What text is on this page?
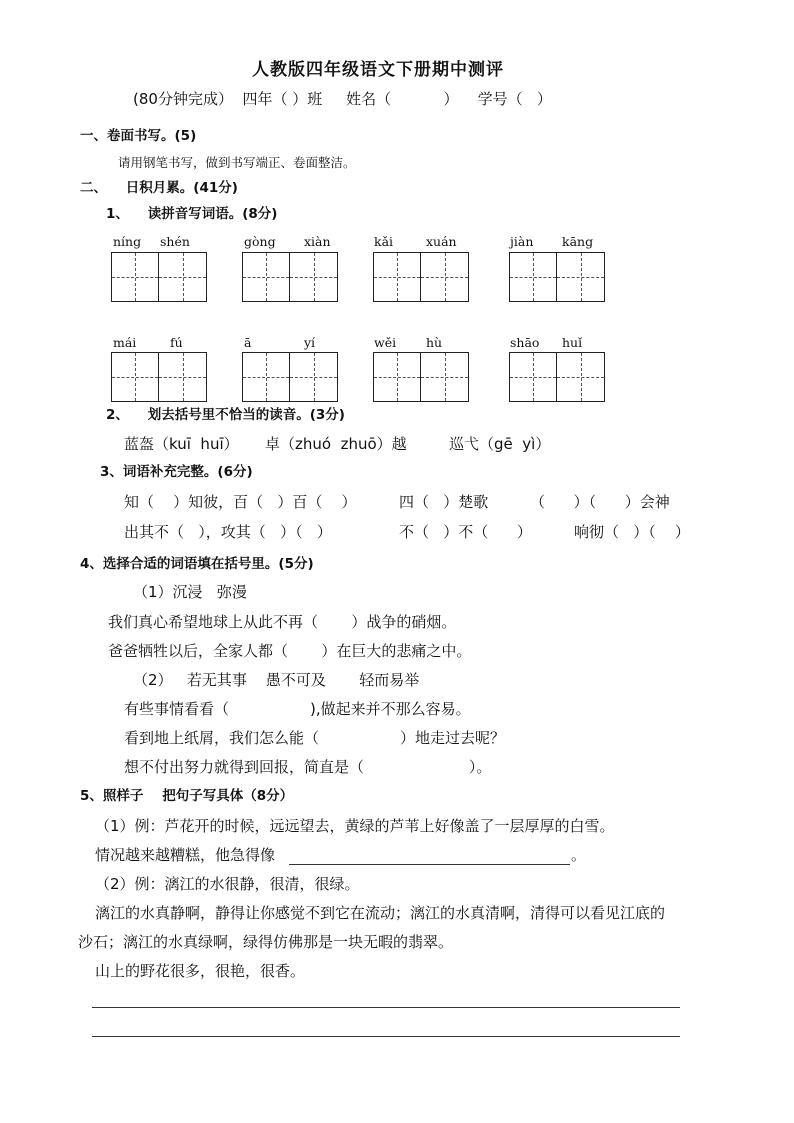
人教版四年级语文下册期中测评
(80分钟完成）  四年（ ）班     姓名（           ）    学号（   ）
一、卷面书写。(5)
请用钢笔书写，做到书写端正、卷面整洁。
二、    日积月累。(41分)
1、    读拼音写词语。(8分)
níng shén	gòng xiàn	kǎi	xuán	jiàn kāng
mái	fú	ā	yí	wěi hù	shāo huǐ
2、    划去括号里不恰当的读音。(3分)
蓝盔（kuī  huī） 卓（zhuó  zhuō）越	巡弋（gē  yì）
3、词语补充完整。(6分)
知（    ）知彼，百（   ）百（    ）	四（   ）楚歌	（      ）（      ）会神
出其不（   ），攻其（   ）（   ）	不（   ）不（      ）	响彻（   ）（    ）
4、选择合适的词语填在括号里。(5分)
（1）沉浸   弥漫
我们真心希望地球上从此不再（       ）战争的硝烟。
爸爸牺牲以后，全家人都（       ）在巨大的悲痛之中。
（2）   若无其事    愚不可及       轻而易举
有些事情看看（                 ),做起来并不那么容易。
看到地上纸屑，我们怎么能（                 ）地走过去呢？
想不付出努力就得到回报，简直是（                      ）。
5、照样子    把句子写具体（8分）
（1）例：芦花开的时候，远远望去，黄绿的芦苇上好像盖了一层厚厚的白雪。
情况越来越糟糕，他急得像	。
（2）例：漓江的水很静，很清，很绿。
漓江的水真静啊，静得让你感觉不到它在流动；漓江的水真清啊，清得可以看见江底的
沙石；漓江的水真绿啊，绿得仿佛那是一块无暇的翡翠。
山上的野花很多，很艳，很香。
